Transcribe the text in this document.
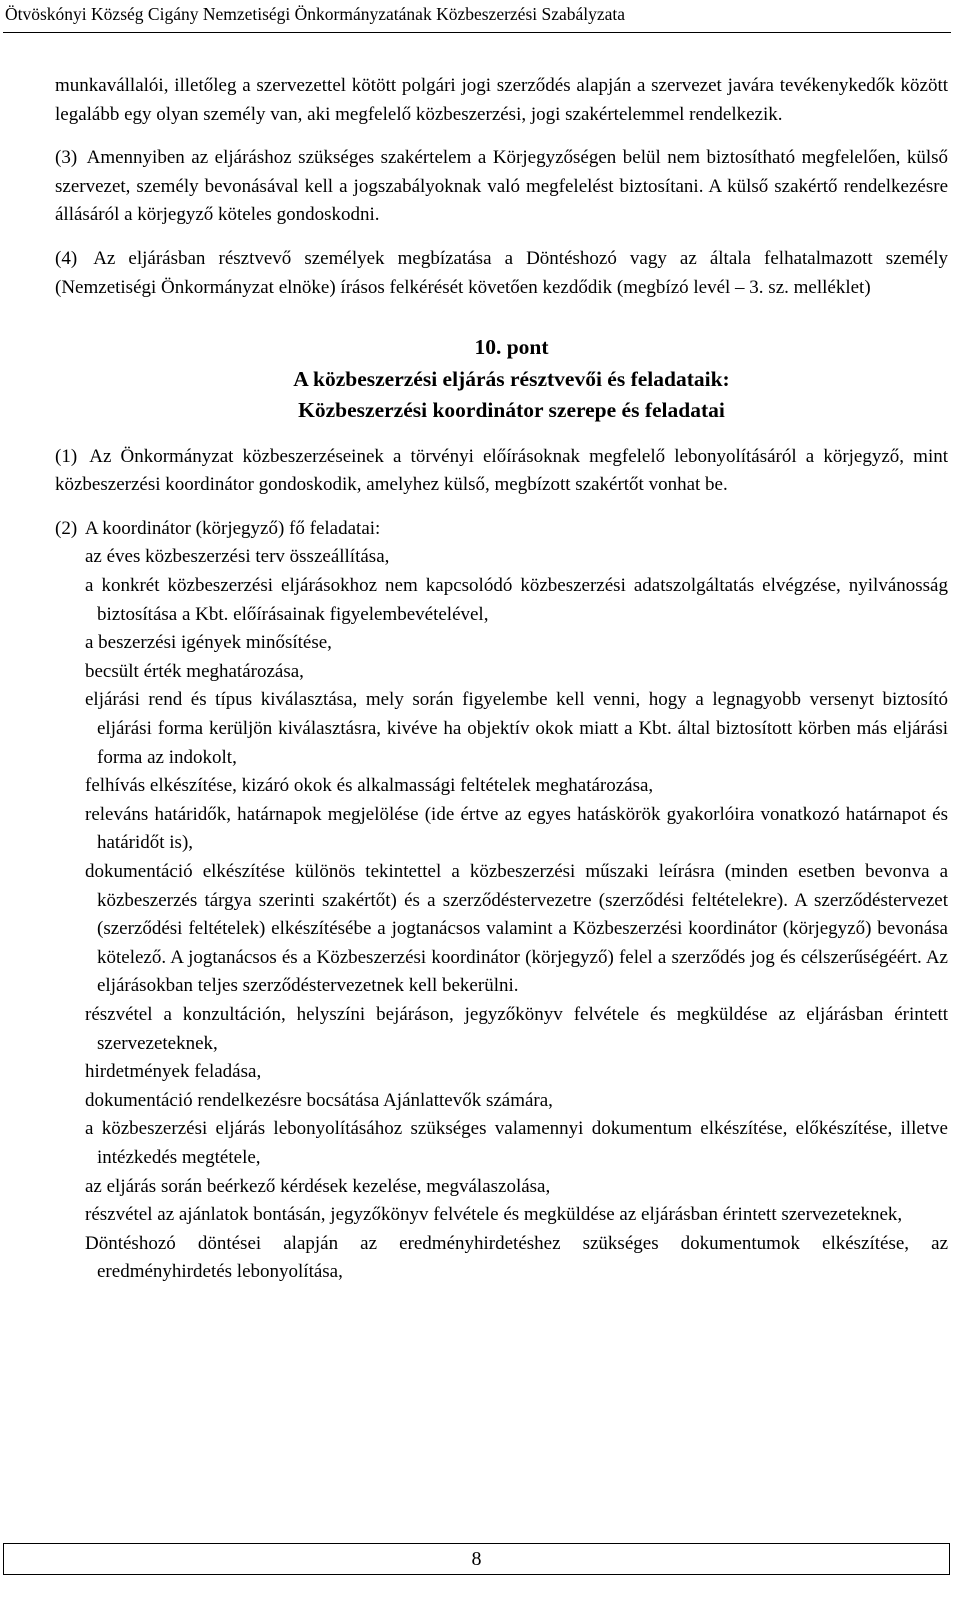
Ötvöskónyi Község Cigány Nemzetiségi Önkormányzatának Közbeszerzési Szabályzata

munkavállalói, illetőleg a szervezettel kötött polgári jogi szerződés alapján a szervezet javára tevékenykedők között legalább egy olyan személy van, aki megfelelő közbeszerzési, jogi szakértelemmel rendelkezik.

(3) Amennyiben az eljáráshoz szükséges szakértelem a Körjegyzőségen belül nem biztosítható megfelelően, külső szervezet, személy bevonásával kell a jogszabályoknak való megfelelést biztosítani. A külső szakértő rendelkezésre állásáról a körjegyző köteles gondoskodni.

(4) Az eljárásban résztvevő személyek megbízatása a Döntéshozó vagy az általa felhatalmazott személy (Nemzetiségi Önkormányzat elnöke) írásos felkérését követően kezdődik (megbízó levél – 3. sz. melléklet)

10. pont
A közbeszerzési eljárás résztvevői és feladataik:
Közbeszerzési koordinátor szerepe és feladatai

(1) Az Önkormányzat közbeszerzéseinek a törvényi előírásoknak megfelelő lebonyolításáról a körjegyző, mint közbeszerzési koordinátor gondoskodik, amelyhez külső, megbízott szakértőt vonhat be.

(2) A koordinátor (körjegyző) fő feladatai:

az éves közbeszerzési terv összeállítása,
a konkrét közbeszerzési eljárásokhoz nem kapcsolódó közbeszerzési adatszolgáltatás elvégzése, nyilvánosság biztosítása a Kbt. előírásainak figyelembevételével,
a beszerzési igények minősítése,
becsült érték meghatározása,
eljárási rend és típus kiválasztása, mely során figyelembe kell venni, hogy a legnagyobb versenyt biztosító eljárási forma kerüljön kiválasztásra, kivéve ha objektív okok miatt a Kbt. által biztosított körben más eljárási forma az indokolt,
felhívás elkészítése, kizáró okok és alkalmassági feltételek meghatározása,
releváns határidők, határnapok megjelölése (ide értve az egyes hatáskörök gyakorlóira vonatkozó határnapot és határidőt is),
dokumentáció elkészítése különös tekintettel a közbeszerzési műszaki leírásra (minden esetben bevonva a közbeszerzés tárgya szerinti szakértőt) és a szerződéstervezetre (szerződési feltételekre). A szerződéstervezet (szerződési feltételek) elkészítésébe a jogtanácsos valamint a Közbeszerzési koordinátor (körjegyző) bevonása kötelező. A jogtanácsos és a Közbeszerzési koordinátor (körjegyző) felel a szerződés jog és célszerűségéért. Az eljárásokban teljes szerződéstervezetnek kell bekerülni.
részvétel a konzultáción, helyszíni bejáráson, jegyzőkönyv felvétele és megküldése az eljárásban érintett szervezeteknek,
hirdetmények feladása,
dokumentáció rendelkezésre bocsátása Ajánlattevők számára,
a közbeszerzési eljárás lebonyolításához szükséges valamennyi dokumentum elkészítése, előkészítése, illetve intézkedés megtétele,
az eljárás során beérkező kérdések kezelése, megválaszolása,
részvétel az ajánlatok bontásán, jegyzőkönyv felvétele és megküldése az eljárásban érintett szervezeteknek,
Döntéshozó döntései alapján az eredményhirdetéshez szükséges dokumentumok elkészítése, az eredményhirdetés lebonyolítása,
8
